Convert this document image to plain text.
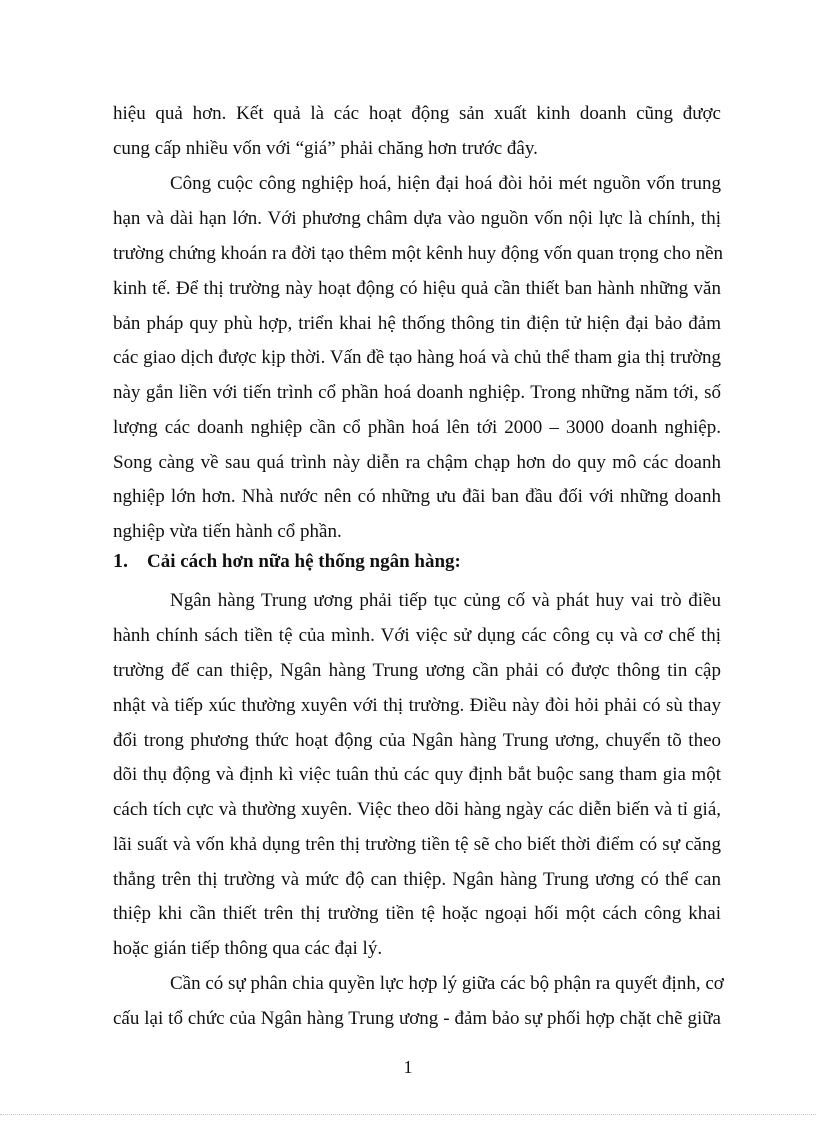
hiệu quả hơn. Kết quả là các hoạt động sản xuất kinh doanh cũng được

cung cấp nhiều vốn với “giá” phải chăng hơn trước đây.

Công cuộc công nghiệp hoá, hiện đại hoá đòi hỏi mét nguồn vốn trung

hạn và dài hạn lớn. Với phương châm dựa vào nguồn vốn nội lực là chính, thị

trường chứng khoán ra đời tạo thêm một kênh huy động vốn quan trọng cho nền

kinh tế. Để thị trường này hoạt động có hiệu quả cần thiết ban hành những văn

bản pháp quy phù hợp, triển khai hệ thống thông tin điện tử hiện đại bảo đảm

các giao dịch được kịp thời. Vấn đề tạo hàng hoá và chủ thể tham gia thị trường

này gắn liền với tiến trình cổ phần hoá doanh nghiệp. Trong những năm tới, số

lượng các doanh nghiệp cần cổ phần hoá lên tới 2000 – 3000 doanh nghiệp.

Song càng về sau quá trình này diễn ra chậm chạp hơn do quy mô các doanh

nghiệp lớn hơn. Nhà nước nên có những ưu đãi ban đầu đối với những doanh

nghiệp vừa tiến hành cổ phần.

1. Cải cách hơn nữa hệ thống ngân hàng:

Ngân hàng Trung ương phải tiếp tục củng cố và phát huy vai trò điều

hành chính sách tiền tệ của mình. Với việc sử dụng các công cụ và cơ chế thị

trường để can thiệp, Ngân hàng Trung ương cần phải có được thông tin cập

nhật và tiếp xúc thường xuyên với thị trường. Điều này đòi hỏi phải có sù thay

đổi trong phương thức hoạt động của Ngân hàng Trung ương, chuyển tõ theo

dõi thụ động và định kì việc tuân thủ các quy định bắt buộc sang tham gia một

cách tích cực và thường xuyên. Việc theo dõi hàng ngày các diễn biến và tỉ giá,

lãi suất và vốn khả dụng trên thị trường tiền tệ sẽ cho biết thời điểm có sự căng

thẳng trên thị trường và mức độ can thiệp. Ngân hàng Trung ương có thể can

thiệp khi cần thiết trên thị trường tiền tệ hoặc ngoại hối một cách công khai

hoặc gián tiếp thông qua các đại lý.

Cần có sự phân chia quyền lực hợp lý giữa các bộ phận ra quyết định, cơ

cấu lại tổ chức của Ngân hàng Trung ương - đảm bảo sự phối hợp chặt chẽ giữa

1
